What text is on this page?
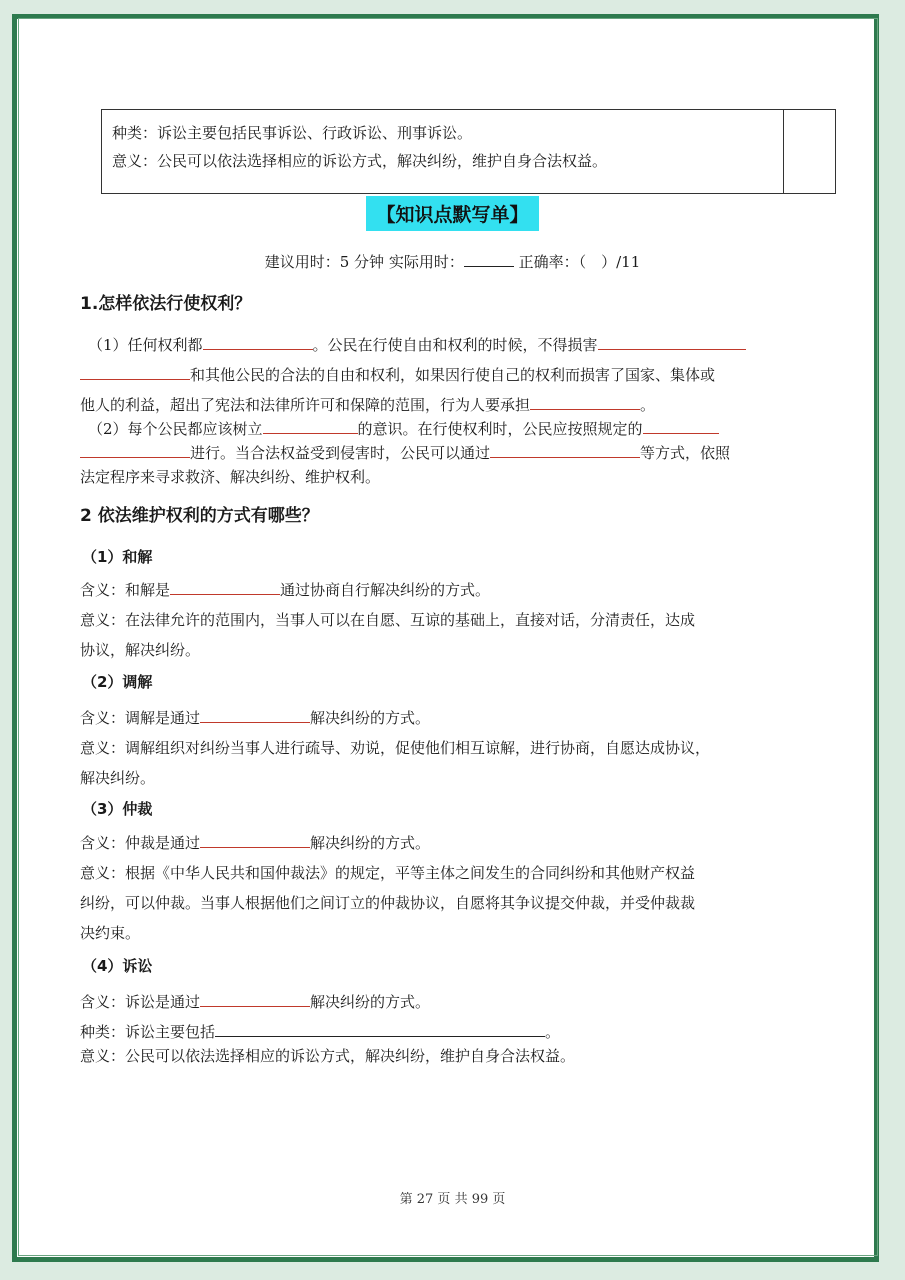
种类：诉讼主要包括民事诉讼、行政诉讼、刑事诉讼。
意义：公民可以依法选择相应的诉讼方式，解决纠纷，维护自身合法权益。
【知识点默写单】
建议用时：5 分钟 实际用时：	正确率：（　）/11
1.怎样依法行使权利？
（1）任何权利都	。公民在行使自由和权利的时候，不得损害
和其他公民的合法的自由和权利，如果因行使自己的权利而损害了国家、集体或
他人的利益，超出了宪法和法律所许可和保障的范围，行为人要承担	。
（2）每个公民都应该树立	的意识。在行使权利时，公民应按照规定的
进行。当合法权益受到侵害时，公民可以通过	等方式，依照
法定程序来寻求救济、解决纠纷、维护权利。
2 依法维护权利的方式有哪些？
（1）和解
含义：和解是	通过协商自行解决纠纷的方式。
意义：在法律允许的范围内，当事人可以在自愿、互谅的基础上，直接对话，分清责任，达成
协议，解决纠纷。
（2）调解
含义：调解是通过	解决纠纷的方式。
意义：调解组织对纠纷当事人进行疏导、劝说，促使他们相互谅解，进行协商，自愿达成协议，
解决纠纷。
（3）仲裁
含义：仲裁是通过	解决纠纷的方式。
意义：根据《中华人民共和国仲裁法》的规定，平等主体之间发生的合同纠纷和其他财产权益
纠纷，可以仲裁。当事人根据他们之间订立的仲裁协议，自愿将其争议提交仲裁，并受仲裁裁
决约束。
（4）诉讼
含义：诉讼是通过	解决纠纷的方式。
种类：诉讼主要包括	。
意义：公民可以依法选择相应的诉讼方式，解决纠纷，维护自身合法权益。
第 27 页 共 99 页
